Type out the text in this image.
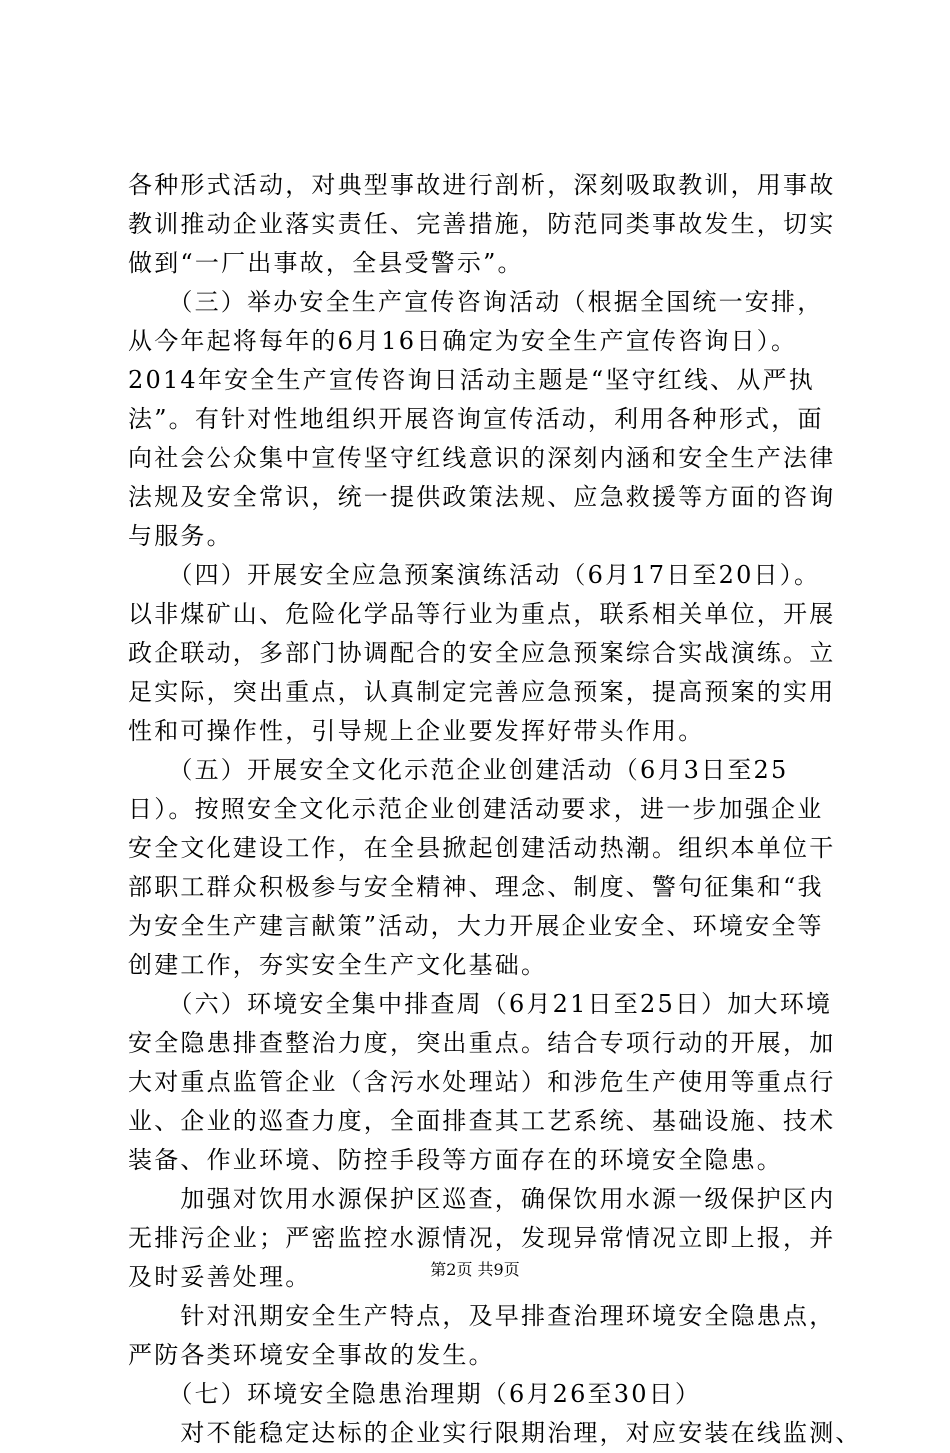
各种形式活动，对典型事故进行剖析，深刻吸取教训，用事故
教训推动企业落实责任、完善措施，防范同类事故发生，切实
做到“一厂出事故，全县受警示”。
　　（三）举办安全生产宣传咨询活动（根据全国统一安排，
从今年起将每年的6月16日确定为安全生产宣传咨询日）。
2014年安全生产宣传咨询日活动主题是“坚守红线、从严执
法”。有针对性地组织开展咨询宣传活动，利用各种形式，面
向社会公众集中宣传坚守红线意识的深刻内涵和安全生产法律
法规及安全常识，统一提供政策法规、应急救援等方面的咨询
与服务。
　　（四）开展安全应急预案演练活动（6月17日至20日）。
以非煤矿山、危险化学品等行业为重点，联系相关单位，开展
政企联动，多部门协调配合的安全应急预案综合实战演练。立
足实际，突出重点，认真制定完善应急预案，提高预案的实用
性和可操作性，引导规上企业要发挥好带头作用。
　　（五）开展安全文化示范企业创建活动（6月3日至25
日）。按照安全文化示范企业创建活动要求，进一步加强企业
安全文化建设工作，在全县掀起创建活动热潮。组织本单位干
部职工群众积极参与安全精神、理念、制度、警句征集和“我
为安全生产建言献策”活动，大力开展企业安全、环境安全等
创建工作，夯实安全生产文化基础。
　　（六）环境安全集中排查周（6月21日至25日）加大环境
安全隐患排查整治力度，突出重点。结合专项行动的开展，加
大对重点监管企业（含污水处理站）和涉危生产使用等重点行
业、企业的巡查力度，全面排查其工艺系统、基础设施、技术
装备、作业环境、防控手段等方面存在的环境安全隐患。
　　加强对饮用水源保护区巡查，确保饮用水源一级保护区内
无排污企业；严密监控水源情况，发现异常情况立即上报，并
及时妥善处理。
　　针对汛期安全生产特点，及早排查治理环境安全隐患点，
严防各类环境安全事故的发生。
　　（七）环境安全隐患治理期（6月26至30日）
　　对不能稳定达标的企业实行限期治理，对应安装在线监测、
第2页 共9页
